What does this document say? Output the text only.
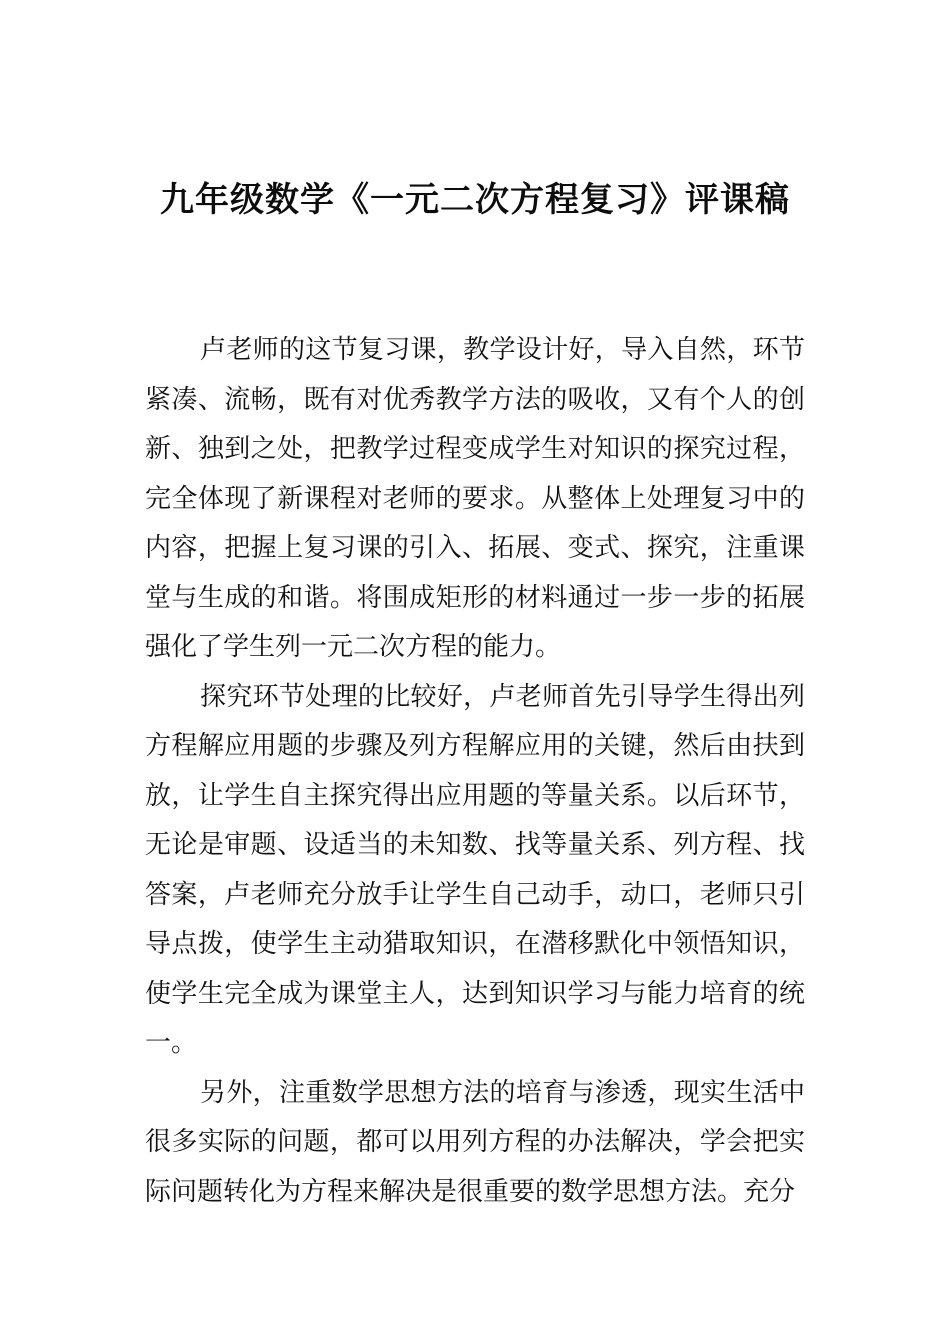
九年级数学《一元二次方程复习》评课稿

卢老师的这节复习课，教学设计好，导入自然，环节紧凑、流畅，既有对优秀教学方法的吸收，又有个人的创新、独到之处，把教学过程变成学生对知识的探究过程，完全体现了新课程对老师的要求。从整体上处理复习中的内容，把握上复习课的引入、拓展、变式、探究，注重课堂与生成的和谐。将围成矩形的材料通过一步一步的拓展强化了学生列一元二次方程的能力。

探究环节处理的比较好，卢老师首先引导学生得出列方程解应用题的步骤及列方程解应用的关键，然后由扶到放，让学生自主探究得出应用题的等量关系。以后环节，无论是审题、设适当的未知数、找等量关系、列方程、找答案，卢老师充分放手让学生自己动手，动口，老师只引导点拨，使学生主动猎取知识，在潜移默化中领悟知识，使学生完全成为课堂主人，达到知识学习与能力培育的统一。

另外，注重数学思想方法的培育与渗透，现实生活中很多实际的问题，都可以用列方程的办法解决，学会把实际问题转化为方程来解决是很重要的数学思想方法。充分
